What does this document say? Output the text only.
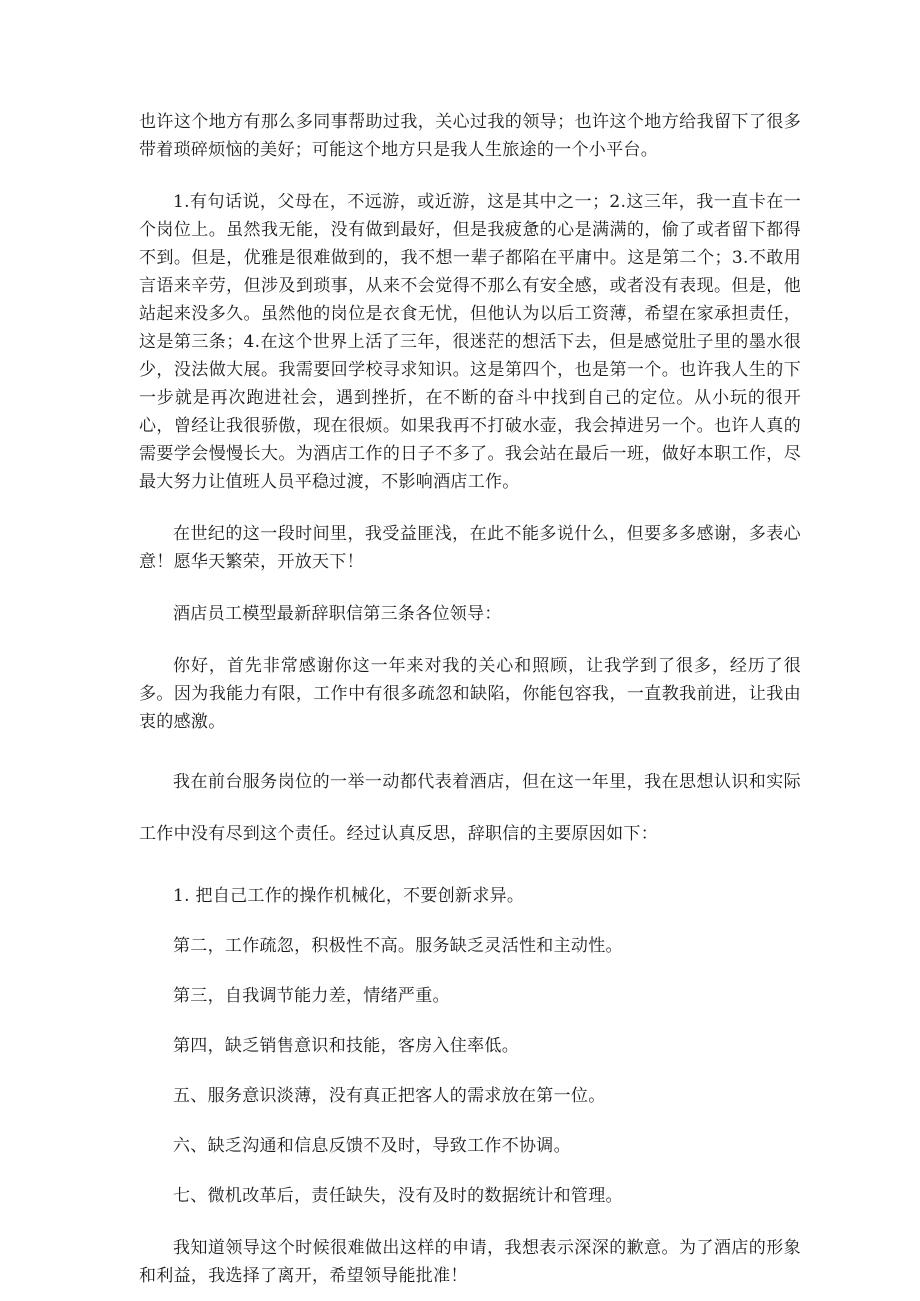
也许这个地方有那么多同事帮助过我，关心过我的领导；也许这个地方给我留下了很多带着琐碎烦恼的美好；可能这个地方只是我人生旅途的一个小平台。

1.有句话说，父母在，不远游，或近游，这是其中之一；2.这三年，我一直卡在一个岗位上。虽然我无能，没有做到最好，但是我疲惫的心是满满的，偷了或者留下都得不到。但是，优雅是很难做到的，我不想一辈子都陷在平庸中。这是第二个；3.不敢用言语来辛劳，但涉及到琐事，从来不会觉得不那么有安全感，或者没有表现。但是，他站起来没多久。虽然他的岗位是衣食无忧，但他认为以后工资薄，希望在家承担责任，这是第三条；4.在这个世界上活了三年，很迷茫的想活下去，但是感觉肚子里的墨水很少，没法做大展。我需要回学校寻求知识。这是第四个，也是第一个。也许我人生的下一步就是再次跑进社会，遇到挫折，在不断的奋斗中找到自己的定位。从小玩的很开心，曾经让我很骄傲，现在很烦。如果我再不打破水壶，我会掉进另一个。也许人真的需要学会慢慢长大。为酒店工作的日子不多了。我会站在最后一班，做好本职工作，尽最大努力让值班人员平稳过渡，不影响酒店工作。

在世纪的这一段时间里，我受益匪浅，在此不能多说什么，但要多多感谢，多表心意！愿华天繁荣，开放天下！

酒店员工模型最新辞职信第三条各位领导：

你好，首先非常感谢你这一年来对我的关心和照顾，让我学到了很多，经历了很多。因为我能力有限，工作中有很多疏忽和缺陷，你能包容我，一直教我前进，让我由衷的感激。

我在前台服务岗位的一举一动都代表着酒店，但在这一年里，我在思想认识和实际工作中没有尽到这个责任。经过认真反思，辞职信的主要原因如下：

1. 把自己工作的操作机械化，不要创新求异。

第二，工作疏忽，积极性不高。服务缺乏灵活性和主动性。

第三，自我调节能力差，情绪严重。

第四，缺乏销售意识和技能，客房入住率低。

五、服务意识淡薄，没有真正把客人的需求放在第一位。

六、缺乏沟通和信息反馈不及时，导致工作不协调。

七、微机改革后，责任缺失，没有及时的数据统计和管理。

我知道领导这个时候很难做出这样的申请，我想表示深深的歉意。为了酒店的形象和利益，我选择了离开，希望领导能批准！
